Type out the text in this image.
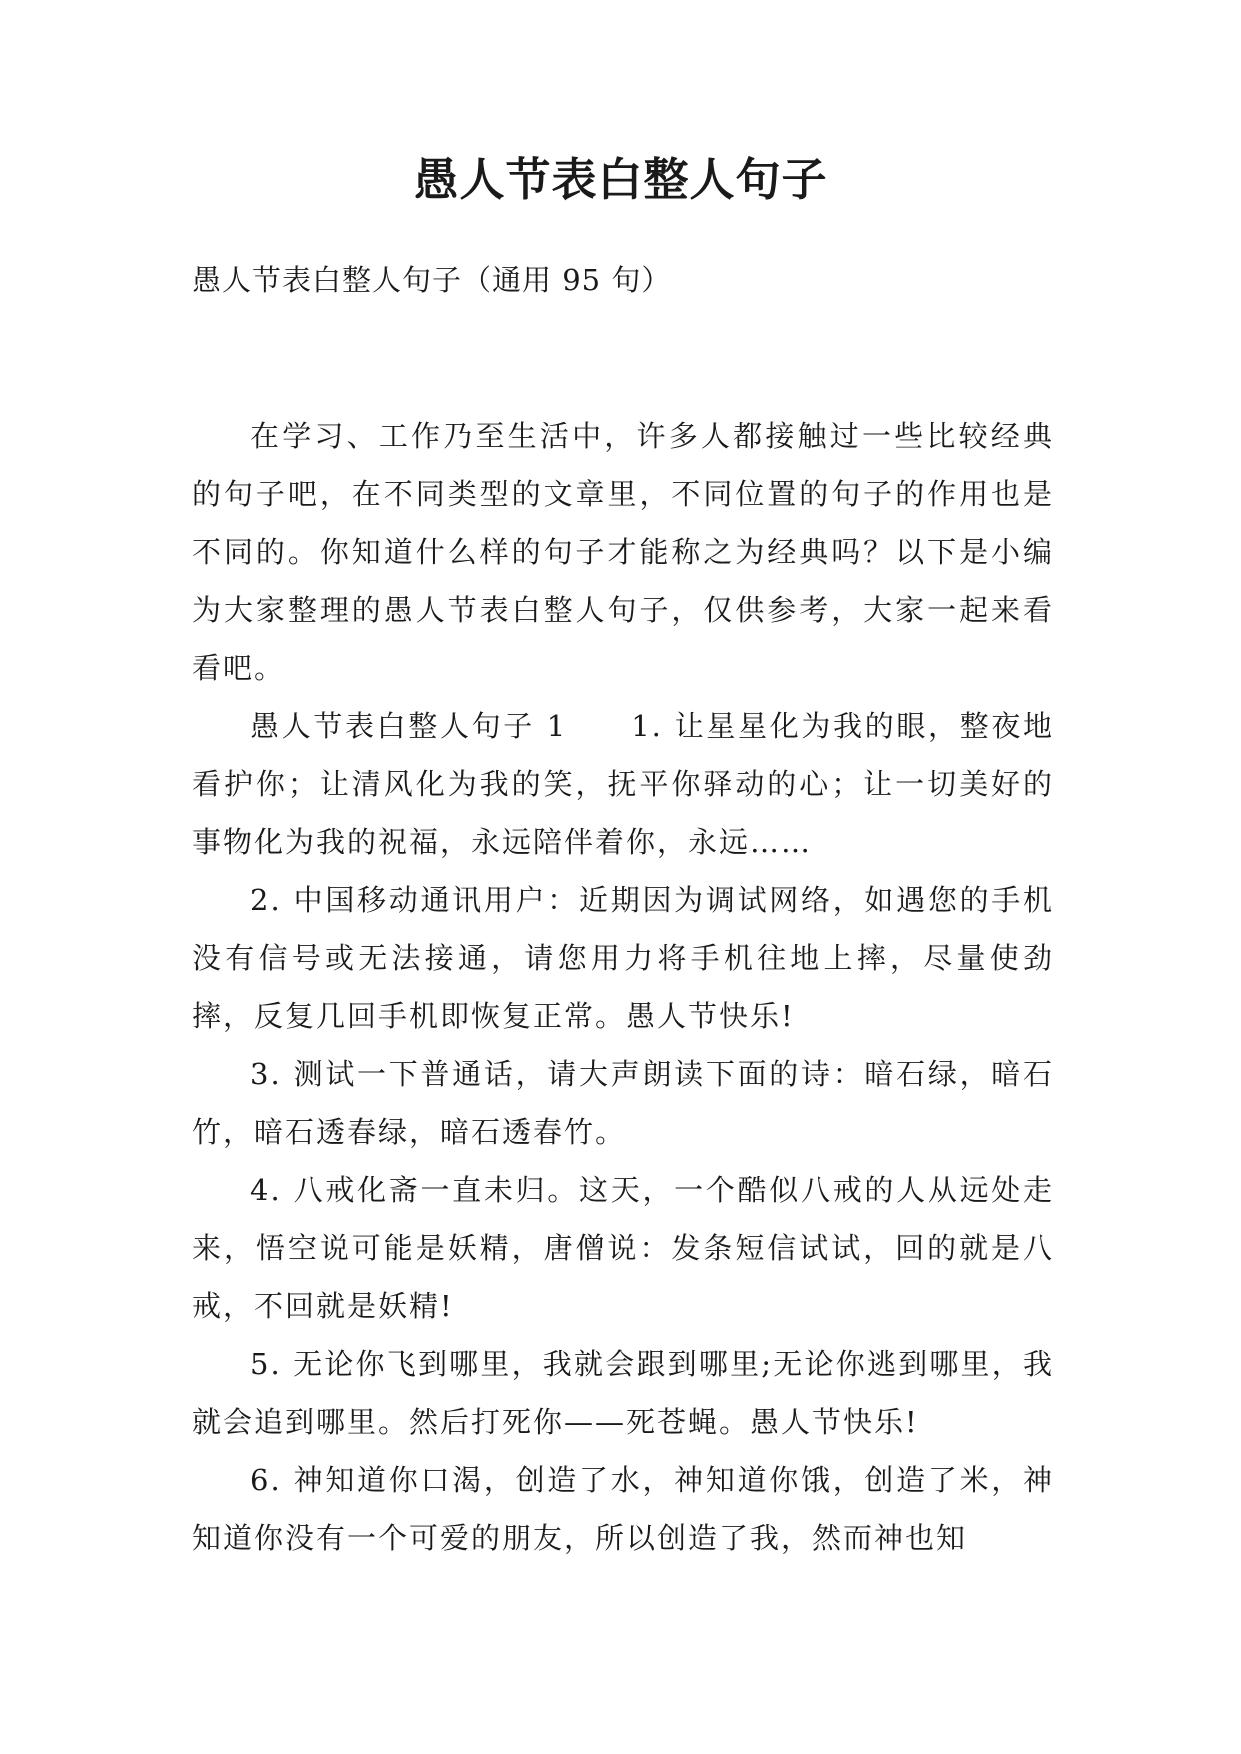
愚人节表白整人句子
愚人节表白整人句子（通用 95 句）

在学习、工作乃至生活中，许多人都接触过一些比较经典的句子吧，在不同类型的文章里，不同位置的句子的作用也是不同的。你知道什么样的句子才能称之为经典吗？以下是小编为大家整理的愚人节表白整人句子，仅供参考，大家一起来看看吧。

愚人节表白整人句子 1　　1. 让星星化为我的眼，整夜地看护你；让清风化为我的笑，抚平你驿动的心；让一切美好的事物化为我的祝福，永远陪伴着你，永远……

2. 中国移动通讯用户：近期因为调试网络，如遇您的手机没有信号或无法接通，请您用力将手机往地上摔，尽量使劲摔，反复几回手机即恢复正常。愚人节快乐!

3. 测试一下普通话，请大声朗读下面的诗：暗石绿，暗石竹，暗石透春绿，暗石透春竹。

4. 八戒化斋一直未归。这天，一个酷似八戒的人从远处走来，悟空说可能是妖精，唐僧说：发条短信试试，回的就是八戒，不回就是妖精!

5. 无论你飞到哪里，我就会跟到哪里;无论你逃到哪里，我就会追到哪里。然后打死你——死苍蝇。愚人节快乐!

6. 神知道你口渴，创造了水，神知道你饿，创造了米，神知道你没有一个可爱的朋友，所以创造了我，然而神也知
